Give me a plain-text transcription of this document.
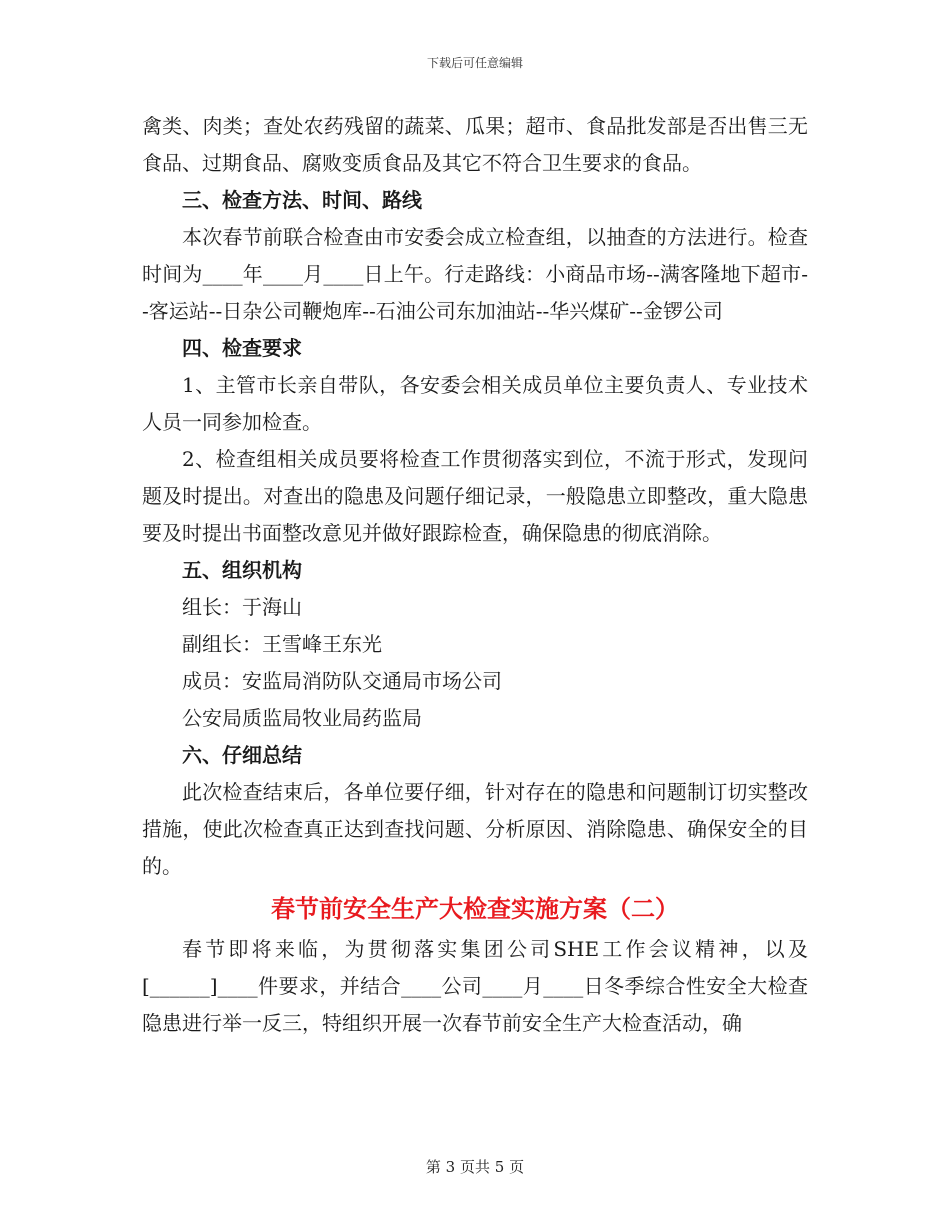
下载后可任意编辑

禽类、肉类；查处农药残留的蔬菜、瓜果；超市、食品批发部是否出售三无食品、过期食品、腐败变质食品及其它不符合卫生要求的食品。

三、检查方法、时间、路线

本次春节前联合检查由市安委会成立检查组，以抽查的方法进行。检查时间为____年____月____日上午。行走路线：小商品市场--满客隆地下超市--客运站--日杂公司鞭炮库--石油公司东加油站--华兴煤矿--金锣公司

四、检查要求

1、主管市长亲自带队，各安委会相关成员单位主要负责人、专业技术人员一同参加检查。

2、检查组相关成员要将检查工作贯彻落实到位，不流于形式，发现问题及时提出。对查出的隐患及问题仔细记录，一般隐患立即整改，重大隐患要及时提出书面整改意见并做好跟踪检查，确保隐患的彻底消除。

五、组织机构

组长：于海山

副组长：王雪峰王东光

成员：安监局消防队交通局市场公司

公安局质监局牧业局药监局

六、仔细总结

此次检查结束后，各单位要仔细，针对存在的隐患和问题制订切实整改措施，使此次检查真正达到查找问题、分析原因、消除隐患、确保安全的目的。

春节前安全生产大检查实施方案（二）

春节即将来临，为贯彻落实集团公司SHE工作会议精神，以及[______]____件要求，并结合____公司____月____日冬季综合性安全大检查隐患进行举一反三，特组织开展一次春节前安全生产大检查活动，确

第 3 页共 5 页
